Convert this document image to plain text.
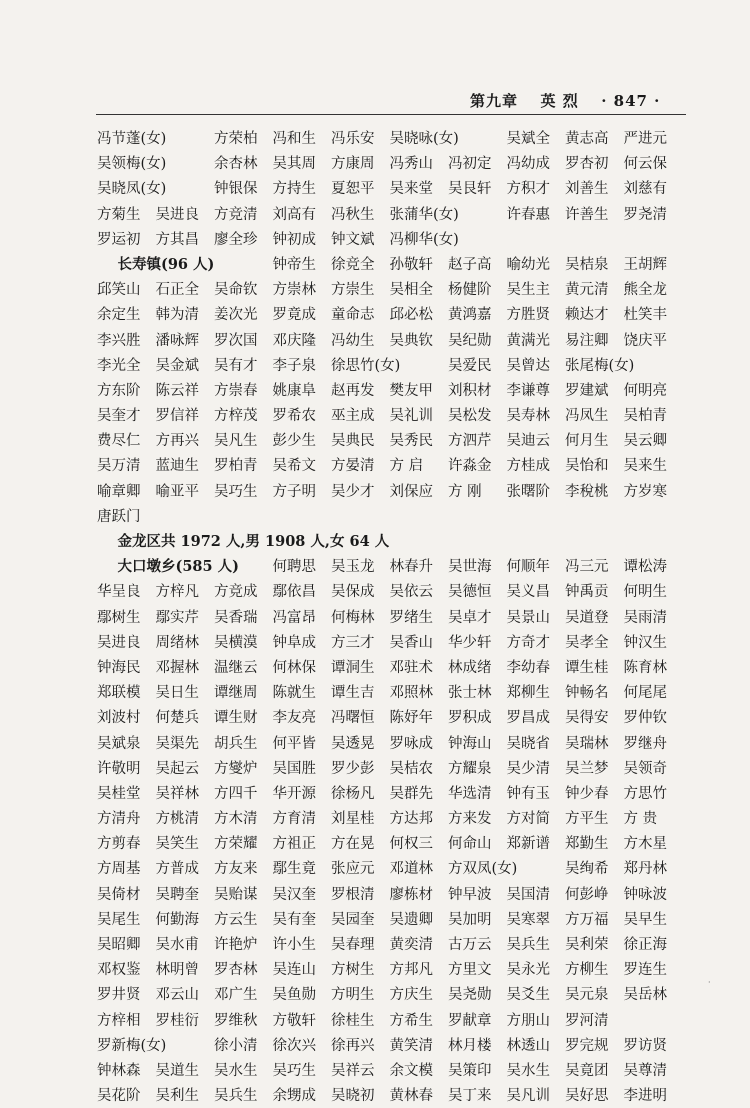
第九章 英 烈 · 847 ·
冯节蓬(女)	方荣柏 冯和生 冯乐安 吴晓咏(女)	吴斌全 黄志高 严进元
吴领梅(女)	余杏林 吴其周 方康周 冯秀山 冯初定 冯幼成 罗杏初 何云保
吴晓凤(女)	钟银保 方持生 夏恕平 吴来堂 吴艮轩 方积才 刘善生 刘慈有
方菊生 吴进良 方竞清 刘高有 冯秋生 张蒲华(女)	许春惠 许善生 罗尧清
罗运初 方其昌 廖全珍 钟初成 钟文斌 冯柳华(女)
长寿镇(96 人)	钟帝生 徐竞全 孙敬轩 赵子高 喻幼光 吴桔泉 王胡辉
邱笑山 石正全 吴命钦 方崇林 方崇生 吴相全 杨健阶 吴生主 黄元清 熊全龙
余定生 韩为清 姜次光 罗竟成 童命志 邱必松 黄鸿嘉 方胜贤 赖达才 杜笑丰
李兴胜 潘咏辉 罗次国 邓庆隆 冯幼生 吴典钦 吴纪勋 黄满光 易注卿 饶庆平
李光全 吴金斌 吴有才 李子泉 徐思竹(女)	吴爱民 吴曾达 张尾梅(女)
方东阶 陈云祥 方崇春 姚康阜 赵再发 樊友甲 刘积材 李谦尊 罗建斌 何明亮
吴奎才 罗信祥 方梓茂 罗希农 巫主成 吴礼训 吴松发 吴寿林 冯凤生 吴柏青
费尽仁 方再兴 吴凡生 彭少生 吴典民 吴秀民 方泗芹 吴迪云 何月生 吴云卿
吴万清 蓝迪生 罗柏青 吴希文 方晏清 方 启 许淼金 方桂成 吴怡和 吴来生
喻章卿 喻亚平 吴巧生 方子明 吴少才 刘保应 方 刚 张曙阶 李稅桃 方岁寒
唐跃门
金龙区共 1972 人,男 1908 人,女 64 人
大口墩乡(585 人) 何聘思 吴玉龙 林春升 吴世海 何顺年 冯三元 谭松涛
华呈良 方梓凡 方竞成 鄢依昌 吴保成 吴依云 吴德恒 吴义昌 钟禹贡 何明生
鄢树生 鄢实芹 吴香瑞 冯富昂 何梅林 罗绪生 吴卓才 吴景山 吴道登 吴雨清
吴进良 周绪林 吴横漠 钟阜成 方三才 吴香山 华少轩 方奇才 吴孝全 钟汉生
钟海民 邓握林 温继云 何林保 谭洞生 邓驻术 林成绪 李幼春 谭生桂 陈育林
郑联模 吴日生 谭继周 陈就生 谭生吉 邓照林 张士林 郑柳生 钟畅名 何尾尾
刘波村 何楚兵 谭生财 李友亮 冯曙恒 陈妤年 罗积成 罗昌成 吴得安 罗仲钦
吴斌泉 吴渠先 胡兵生 何平皆 吴透晃 罗咏成 钟海山 吴晓省 吴瑞林 罗继舟
许敬明 吴起云 方燮炉 吴国胜 罗少彭 吴桔农 方耀泉 吴少清 吴兰梦 吴领奇
吴桂堂 吴祥林 方四千 华开源 徐杨凡 吴群先 华选清 钟有玉 钟少春 方思竹
方清舟 方桃清 方木清 方育清 刘星桂 方达邦 方来发 方对简 方平生 方 贵
方剪春 吴笑生 方荣耀 方祖正 方在晃 何权三 何命山 郑新谱 郑勤生 方木星
方周基 方普成 方友来 鄢生竟 张应元 邓道林 方双凤(女)	吴绚希 郑丹林
吴倚材 吴聘奎 吴贻谋 吴汉奎 罗根清 廖栋材 钟早波 吴国清 何彭峥 钟咏波
吴尾生 何勤海 方云生 吴有奎 吴园奎 吴遗卿 吴加明 吴寒翠 方万福 吴早生
吴昭卿 吴水甫 许艳炉 许小生 吴春理 黄奕清 古万云 吴兵生 吴利荣 徐正海
邓权鉴 林明曾 罗杏林 吴连山 方树生 方邦凡 方里文 吴永光 方柳生 罗连生
罗井贤 邓云山 邓广生 吴鱼勋 方明生 方庆生 吴尧勋 吴爻生 吴元泉 吴岳林
方梓相 罗桂衍 罗维秋 方敬轩 徐桂生 方希生 罗献章 方朋山 罗河清
罗新梅(女)	徐小清 徐次兴 徐再兴 黄笑清 林月楼 林透山 罗完规 罗访贤
钟林森 吴道生 吴水生 吴巧生 吴祥云 余文模 吴策印 吴水生 吴竟团 吴尊清
吴花阶 吴利生 吴兵生 余甥成 吴晓初 黄林春 吴丁来 吴凡训 吴好思 李进明
·
